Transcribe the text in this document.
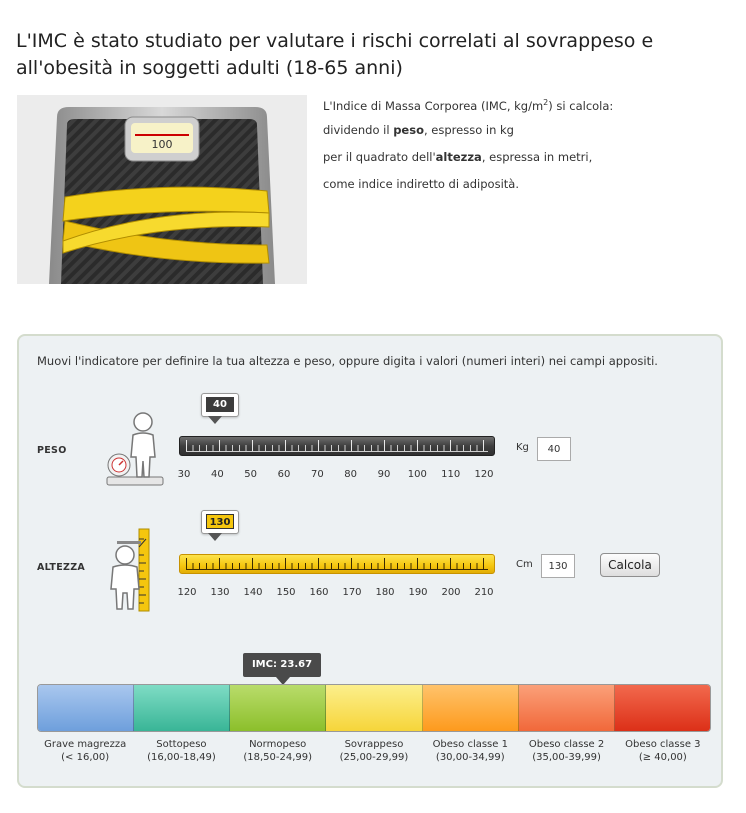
L'IMC è stato studiato per valutare i rischi correlati al sovrappeso e all'obesità in soggetti adulti (18-65 anni)
100
L'Indice di Massa Corporea (IMC, $kg/m^2$) si calcola:
dividendo il peso, espresso in kg
per il quadrato dell'altezza, espressa in metri,
come indice indiretto di adiposità.
Muovi l'indicatore per definire la tua altezza e peso, oppure digita i valori (numeri interi) nei campi appositi.
PESO
40
30 40 50 60 70 80 90 100 110 120
Kg
40
ALTEZZA
130
120 130 140 150 160 170 180 190 200 210
Cm
130	Calcola
IMC: 23.67
Grave magrezza
(< 16,00)
Sottopeso
(16,00-18,49)
Normopeso
(18,50-24,99)
Sovrappeso
(25,00-29,99)
Obeso classe 1
(30,00-34,99)
Obeso classe 2
(35,00-39,99)
Obeso classe 3
(≥ 40,00)
